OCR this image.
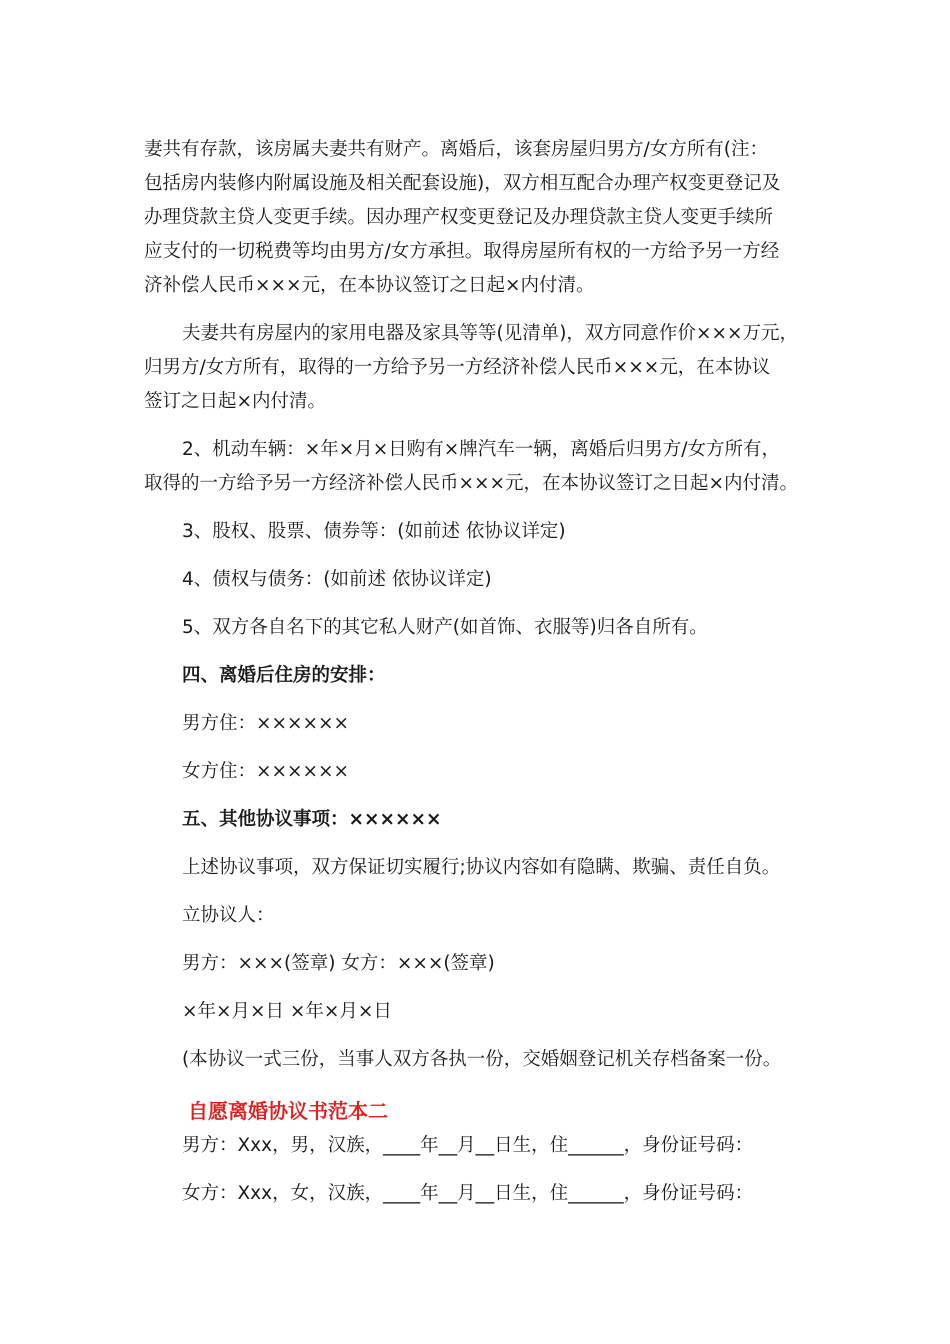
妻共有存款，该房属夫妻共有财产。离婚后，该套房屋归男方/女方所有(注：
包括房内装修内附属设施及相关配套设施)，双方相互配合办理产权变更登记及
办理贷款主贷人变更手续。因办理产权变更登记及办理贷款主贷人变更手续所
应支付的一切税费等均由男方/女方承担。取得房屋所有权的一方给予另一方经
济补偿人民币×××元，在本协议签订之日起×内付清。
夫妻共有房屋内的家用电器及家具等等(见清单)，双方同意作价×××万元，
归男方/女方所有，取得的一方给予另一方经济补偿人民币×××元，在本协议
签订之日起×内付清。
2、机动车辆：×年×月×日购有×牌汽车一辆，离婚后归男方/女方所有，
取得的一方给予另一方经济补偿人民币×××元，在本协议签订之日起×内付清。
3、股权、股票、债券等：(如前述 依协议详定)
4、债权与债务：(如前述 依协议详定)
5、双方各自名下的其它私人财产(如首饰、衣服等)归各自所有。
四、离婚后住房的安排：
男方住：××××××
女方住：××××××
五、其他协议事项：××××××
上述协议事项，双方保证切实履行;协议内容如有隐瞒、欺骗、责任自负。
立协议人：
男方：×××(签章) 女方：×××(签章)
×年×月×日 ×年×月×日
(本协议一式三份，当事人双方各执一份，交婚姻登记机关存档备案一份。
自愿离婚协议书范本二
男方：Xxx，男，汉族，____年__月__日生，住______，身份证号码：
女方：Xxx，女，汉族，____年__月__日生，住______，身份证号码：
